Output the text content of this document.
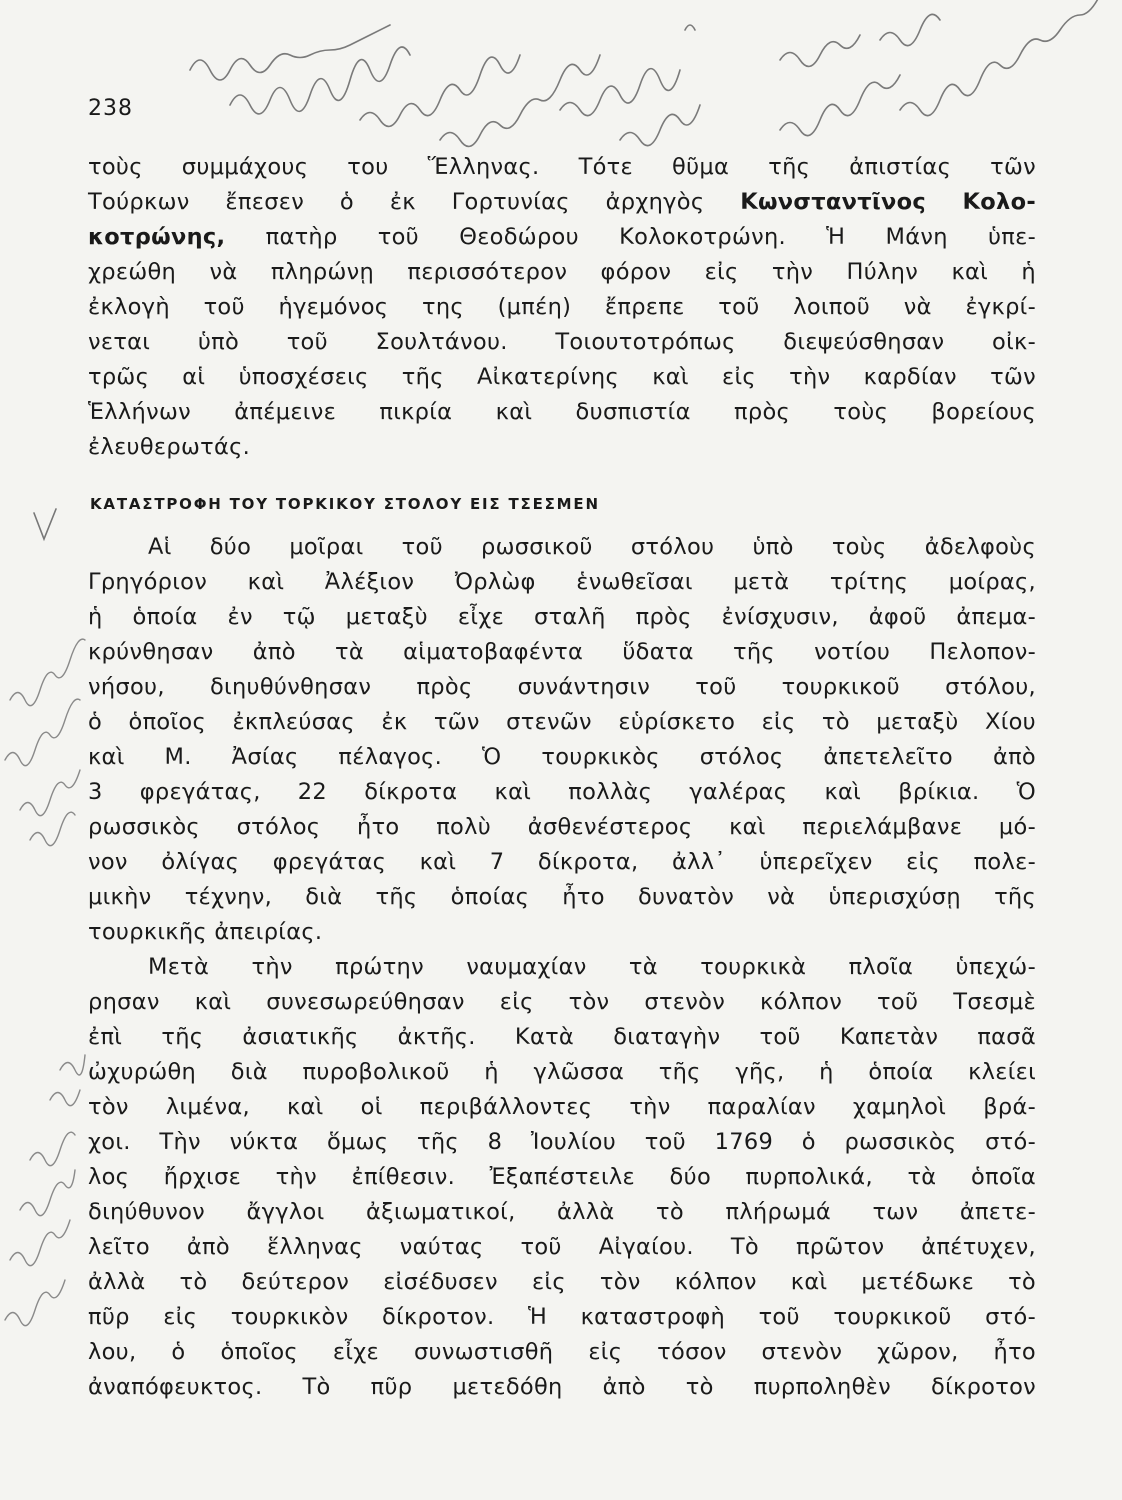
238
τοὺς συμμάχους του Ἕλληνας. Τότε θῦμα τῆς ἀπιστίας τῶν
Τούρκων ἔπεσεν ὁ ἐκ Γορτυνίας ἀρχηγὸς Κωνσταντῖνος Κολο-
κοτρώνης, πατὴρ τοῦ Θεοδώρου Κολοκοτρώνη. Ἡ Μάνη ὑπε-
χρεώθη νὰ πληρώνῃ περισσότερον φόρον εἰς τὴν Πύλην καὶ ἡ
ἐκλογὴ τοῦ ἡγεμόνος της (μπέη) ἔπρεπε τοῦ λοιποῦ νὰ ἐγκρί-
νεται ὑπὸ τοῦ Σουλτάνου. Τοιουτοτρόπως διεψεύσθησαν οἰκ-
τρῶς αἱ ὑποσχέσεις τῆς Αἰκατερίνης καὶ εἰς τὴν καρδίαν τῶν
Ἑλλήνων ἀπέμεινε πικρία καὶ δυσπιστία πρὸς τοὺς βορείους
ἐλευθερωτάς.
ΚΑΤΑΣΤΡΟΦΗ ΤΟΥ ΤΟΡΚΙΚΟΥ ΣΤΟΛΟΥ ΕΙΣ ΤΣΕΣΜΕΝ
Αἱ δύο μοῖραι τοῦ ρωσσικοῦ στόλου ὑπὸ τοὺς ἀδελφοὺς
Γρηγόριον καὶ Ἀλέξιον Ὀρλὼφ ἑνωθεῖσαι μετὰ τρίτης μοίρας,
ἡ ὁποία ἐν τῷ μεταξὺ εἶχε σταλῆ πρὸς ἐνίσχυσιν, ἀφοῦ ἀπεμα-
κρύνθησαν ἀπὸ τὰ αἱματοβαφέντα ὕδατα τῆς νοτίου Πελοπον-
νήσου, διηυθύνθησαν πρὸς συνάντησιν τοῦ τουρκικοῦ στόλου,
ὁ ὁποῖος ἐκπλεύσας ἐκ τῶν στενῶν εὑρίσκετο εἰς τὸ μεταξὺ Χίου
καὶ Μ. Ἀσίας πέλαγος. Ὁ τουρκικὸς στόλος ἀπετελεῖτο ἀπὸ
3 φρεγάτας, 22 δίκροτα καὶ πολλὰς γαλέρας καὶ βρίκια. Ὁ
ρωσσικὸς στόλος ἦτο πολὺ ἀσθενέστερος καὶ περιελάμβανε μό-
νον ὀλίγας φρεγάτας καὶ 7 δίκροτα, ἀλλ᾽ ὑπερεῖχεν εἰς πολε-
μικὴν τέχνην, διὰ τῆς ὁποίας ἦτο δυνατὸν νὰ ὑπερισχύσῃ τῆς
τουρκικῆς ἀπειρίας.
Μετὰ τὴν πρώτην ναυμαχίαν τὰ τουρκικὰ πλοῖα ὑπεχώ-
ρησαν καὶ συνεσωρεύθησαν εἰς τὸν στενὸν κόλπον τοῦ Τσεσμὲ
ἐπὶ τῆς ἀσιατικῆς ἀκτῆς. Κατὰ διαταγὴν τοῦ Καπετὰν πασᾶ
ὠχυρώθη διὰ πυροβολικοῦ ἡ γλῶσσα τῆς γῆς, ἡ ὁποία κλείει
τὸν λιμένα, καὶ οἱ περιβάλλοντες τὴν παραλίαν χαμηλοὶ βρά-
χοι. Τὴν νύκτα ὅμως τῆς 8 Ἰουλίου τοῦ 1769 ὁ ρωσσικὸς στό-
λος ἤρχισε τὴν ἐπίθεσιν. Ἐξαπέστειλε δύο πυρπολικά, τὰ ὁποῖα
διηύθυνον ἄγγλοι ἀξιωματικοί, ἀλλὰ τὸ πλήρωμά των ἀπετε-
λεῖτο ἀπὸ ἕλληνας ναύτας τοῦ Αἰγαίου. Τὸ πρῶτον ἀπέτυχεν,
ἀλλὰ τὸ δεύτερον εἰσέδυσεν εἰς τὸν κόλπον καὶ μετέδωκε τὸ
πῦρ εἰς τουρκικὸν δίκροτον. Ἡ καταστροφὴ τοῦ τουρκικοῦ στό-
λου, ὁ ὁποῖος εἶχε συνωστισθῆ εἰς τόσον στενὸν χῶρον, ἦτο
ἀναπόφευκτος. Τὸ πῦρ μετεδόθη ἀπὸ τὸ πυρποληθὲν δίκροτον
